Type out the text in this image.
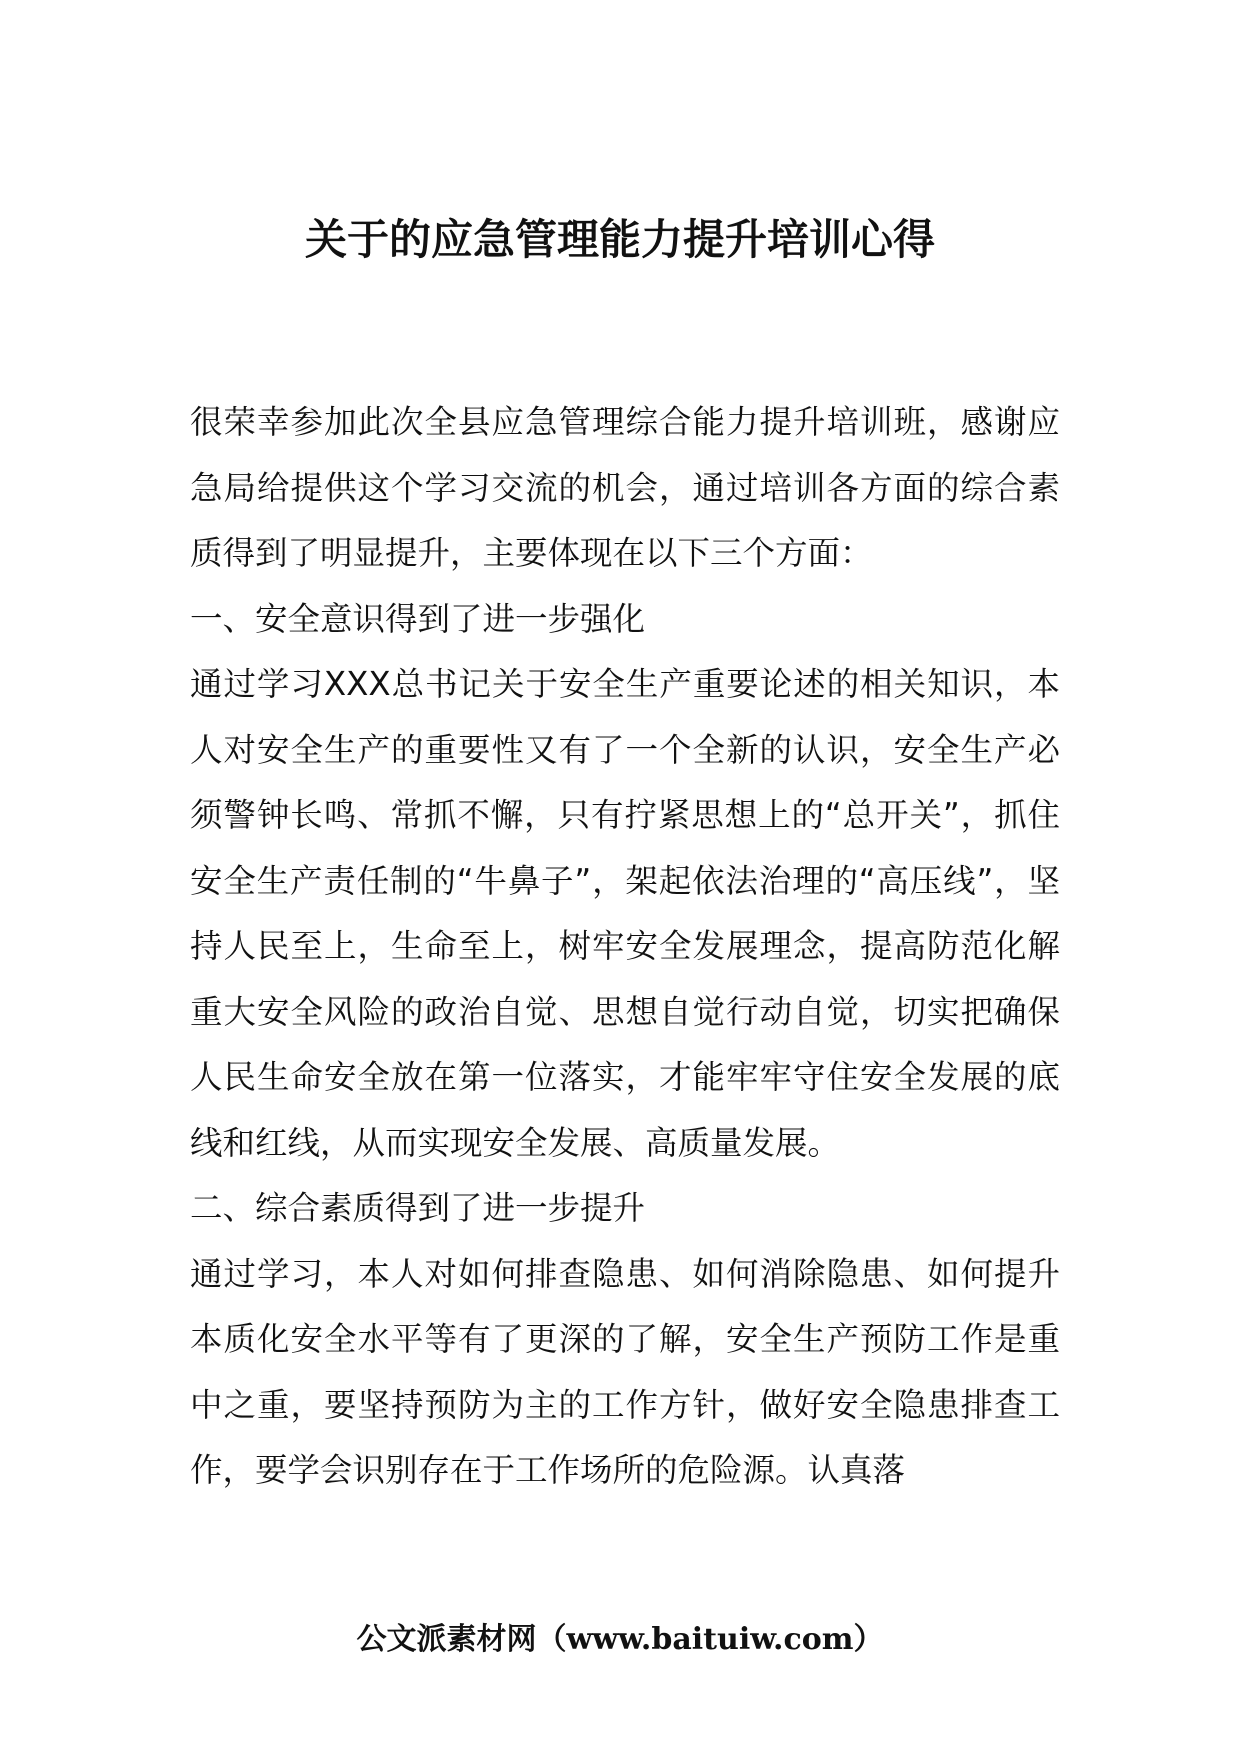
关于的应急管理能力提升培训心得

很荣幸参加此次全县应急管理综合能力提升培训班，感谢应急局给提供这个学习交流的机会，通过培训各方面的综合素质得到了明显提升，主要体现在以下三个方面：

一、安全意识得到了进一步强化

通过学习XXX总书记关于安全生产重要论述的相关知识，本人对安全生产的重要性又有了一个全新的认识，安全生产必须警钟长鸣、常抓不懈，只有拧紧思想上的“总开关”，抓住安全生产责任制的“牛鼻子”，架起依法治理的“高压线”，坚持人民至上，生命至上，树牢安全发展理念，提高防范化解重大安全风险的政治自觉、思想自觉行动自觉，切实把确保人民生命安全放在第一位落实，才能牢牢守住安全发展的底线和红线，从而实现安全发展、高质量发展。

二、综合素质得到了进一步提升

通过学习，本人对如何排查隐患、如何消除隐患、如何提升本质化安全水平等有了更深的了解，安全生产预防工作是重中之重，要坚持预防为主的工作方针，做好安全隐患排查工作，要学会识别存在于工作场所的危险源。认真落

公文派素材网（www.baituiw.com）
